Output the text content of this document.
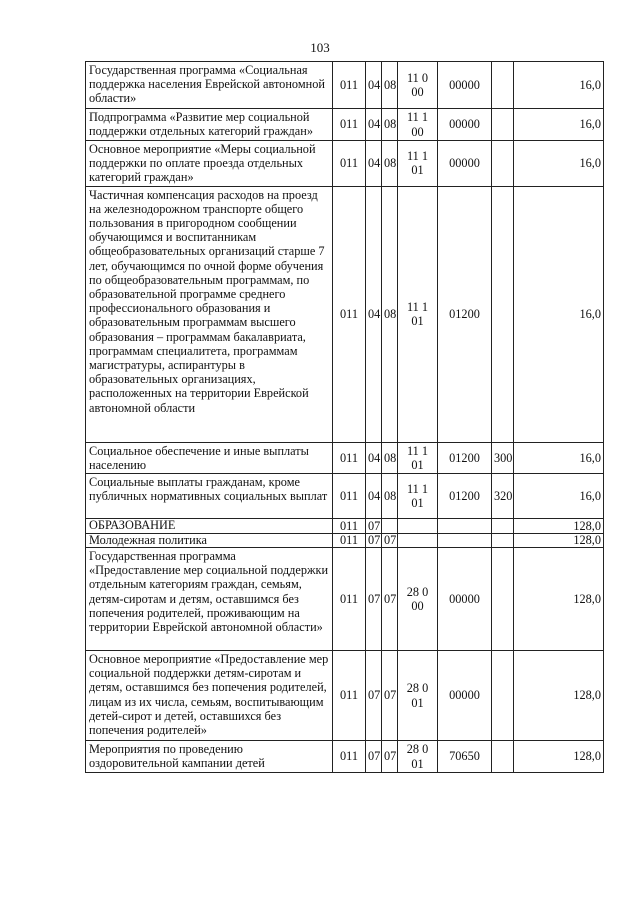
103
Государственная программа «Социальная поддержка населения Еврейской автономной области»	011	04	08	11 0 00	00000		16,0
Подпрограмма «Развитие мер социальной поддержки отдельных категорий граждан»	011	04	08	11 1 00	00000		16,0
Основное мероприятие «Меры социальной поддержки по оплате проезда отдельных категорий граждан»	011	04	08	11 1 01	00000		16,0
Частичная компенсация расходов на проезд на железнодорожном транспорте общего пользования в пригородном сообщении обучающимся и воспитанникам общеобразовательных организаций старше 7 лет, обучающимся по очной форме обучения по общеобразовательным программам, по образовательной программе среднего профессионального образования и образовательным программам высшего образования – программам бакалавриата, программам специалитета, программам магистратуры, аспирантуры в образовательных организациях, расположенных на территории Еврейской автономной области	011	04	08	11 1 01	01200		16,0
Социальное обеспечение и иные выплаты населению	011	04	08	11 1 01	01200	300	16,0
Социальные выплаты гражданам, кроме публичных нормативных социальных выплат	011	04	08	11 1 01	01200	320	16,0
ОБРАЗОВАНИЕ	011	07					128,0
Молодежная политика	011	07	07				128,0
Государственная программа «Предоставление мер социальной поддержки отдельным категориям граждан, семьям, детям-сиротам и детям, оставшимся без попечения родителей, проживающим на территории Еврейской автономной области»	011	07	07	28 0 00	00000		128,0
Основное мероприятие «Предоставление мер социальной поддержки детям-сиротам и детям, оставшимся без попечения родителей, лицам из их числа, семьям, воспитывающим детей-сирот и детей, оставшихся без попечения родителей»	011	07	07	28 0 01	00000		128,0
Мероприятия по проведению оздоровительной кампании детей	011	07	07	28 0 01	70650		128,0
